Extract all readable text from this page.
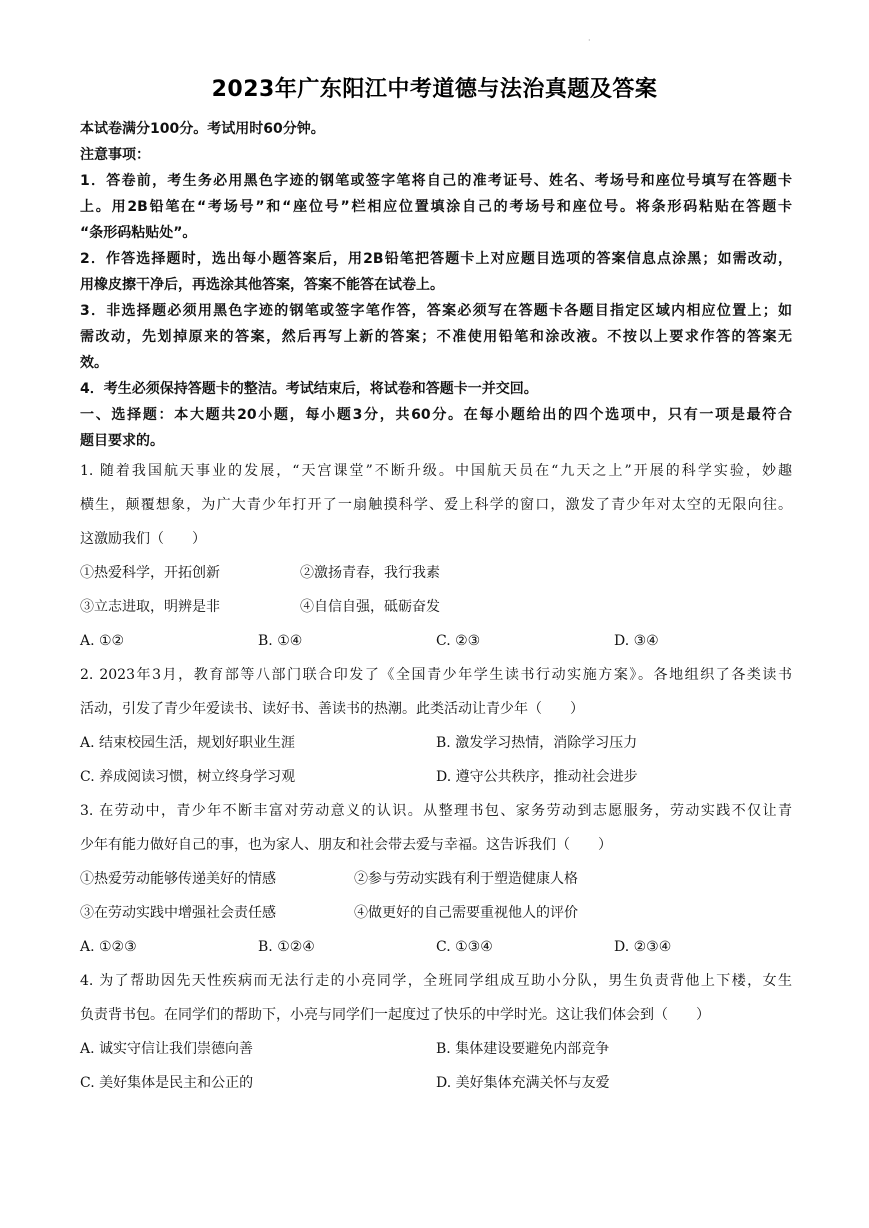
·
2023年广东阳江中考道德与法治真题及答案
本试卷满分100分。考试用时60分钟。
注意事项：
1．答卷前，考生务必用黑色字迹的钢笔或签字笔将自己的准考证号、姓名、考场号和座位号填写在答题卡
上。用2B铅笔在“考场号”和“座位号”栏相应位置填涂自己的考场号和座位号。将条形码粘贴在答题卡
“条形码粘贴处”。
2．作答选择题时，选出每小题答案后，用2B铅笔把答题卡上对应题目选项的答案信息点涂黑；如需改动，
用橡皮擦干净后，再选涂其他答案，答案不能答在试卷上。
3．非选择题必须用黑色字迹的钢笔或签字笔作答，答案必须写在答题卡各题目指定区域内相应位置上；如
需改动，先划掉原来的答案，然后再写上新的答案；不准使用铅笔和涂改液。不按以上要求作答的答案无
效。
4．考生必须保持答题卡的整洁。考试结束后，将试卷和答题卡一并交回。
一、选择题：本大题共20小题，每小题3分，共60分。在每小题给出的四个选项中，只有一项是最符合
题目要求的。
1. 随着我国航天事业的发展，“天宫课堂”不断升级。中国航天员在“九天之上”开展的科学实验，妙趣
横生，颠覆想象，为广大青少年打开了一扇触摸科学、爱上科学的窗口，激发了青少年对太空的无限向往。
这激励我们（　　）
①热爱科学，开拓创新	②激扬青春，我行我素
③立志进取，明辨是非	④自信自强，砥砺奋发
A. ①②	B. ①④	C. ②③	D. ③④
2. 2023年3月，教育部等八部门联合印发了《全国青少年学生读书行动实施方案》。各地组织了各类读书
活动，引发了青少年爱读书、读好书、善读书的热潮。此类活动让青少年（　　）
A. 结束校园生活，规划好职业生涯	B. 激发学习热情，消除学习压力
C. 养成阅读习惯，树立终身学习观	D. 遵守公共秩序，推动社会进步
3. 在劳动中，青少年不断丰富对劳动意义的认识。从整理书包、家务劳动到志愿服务，劳动实践不仅让青
少年有能力做好自己的事，也为家人、朋友和社会带去爱与幸福。这告诉我们（　　）
①热爱劳动能够传递美好的情感	②参与劳动实践有利于塑造健康人格
③在劳动实践中增强社会责任感	④做更好的自己需要重视他人的评价
A. ①②③	B. ①②④	C. ①③④	D. ②③④
4. 为了帮助因先天性疾病而无法行走的小亮同学，全班同学组成互助小分队，男生负责背他上下楼，女生
负责背书包。在同学们的帮助下，小亮与同学们一起度过了快乐的中学时光。这让我们体会到（　　）
A. 诚实守信让我们崇德向善	B. 集体建设要避免内部竞争
C. 美好集体是民主和公正的	D. 美好集体充满关怀与友爱
